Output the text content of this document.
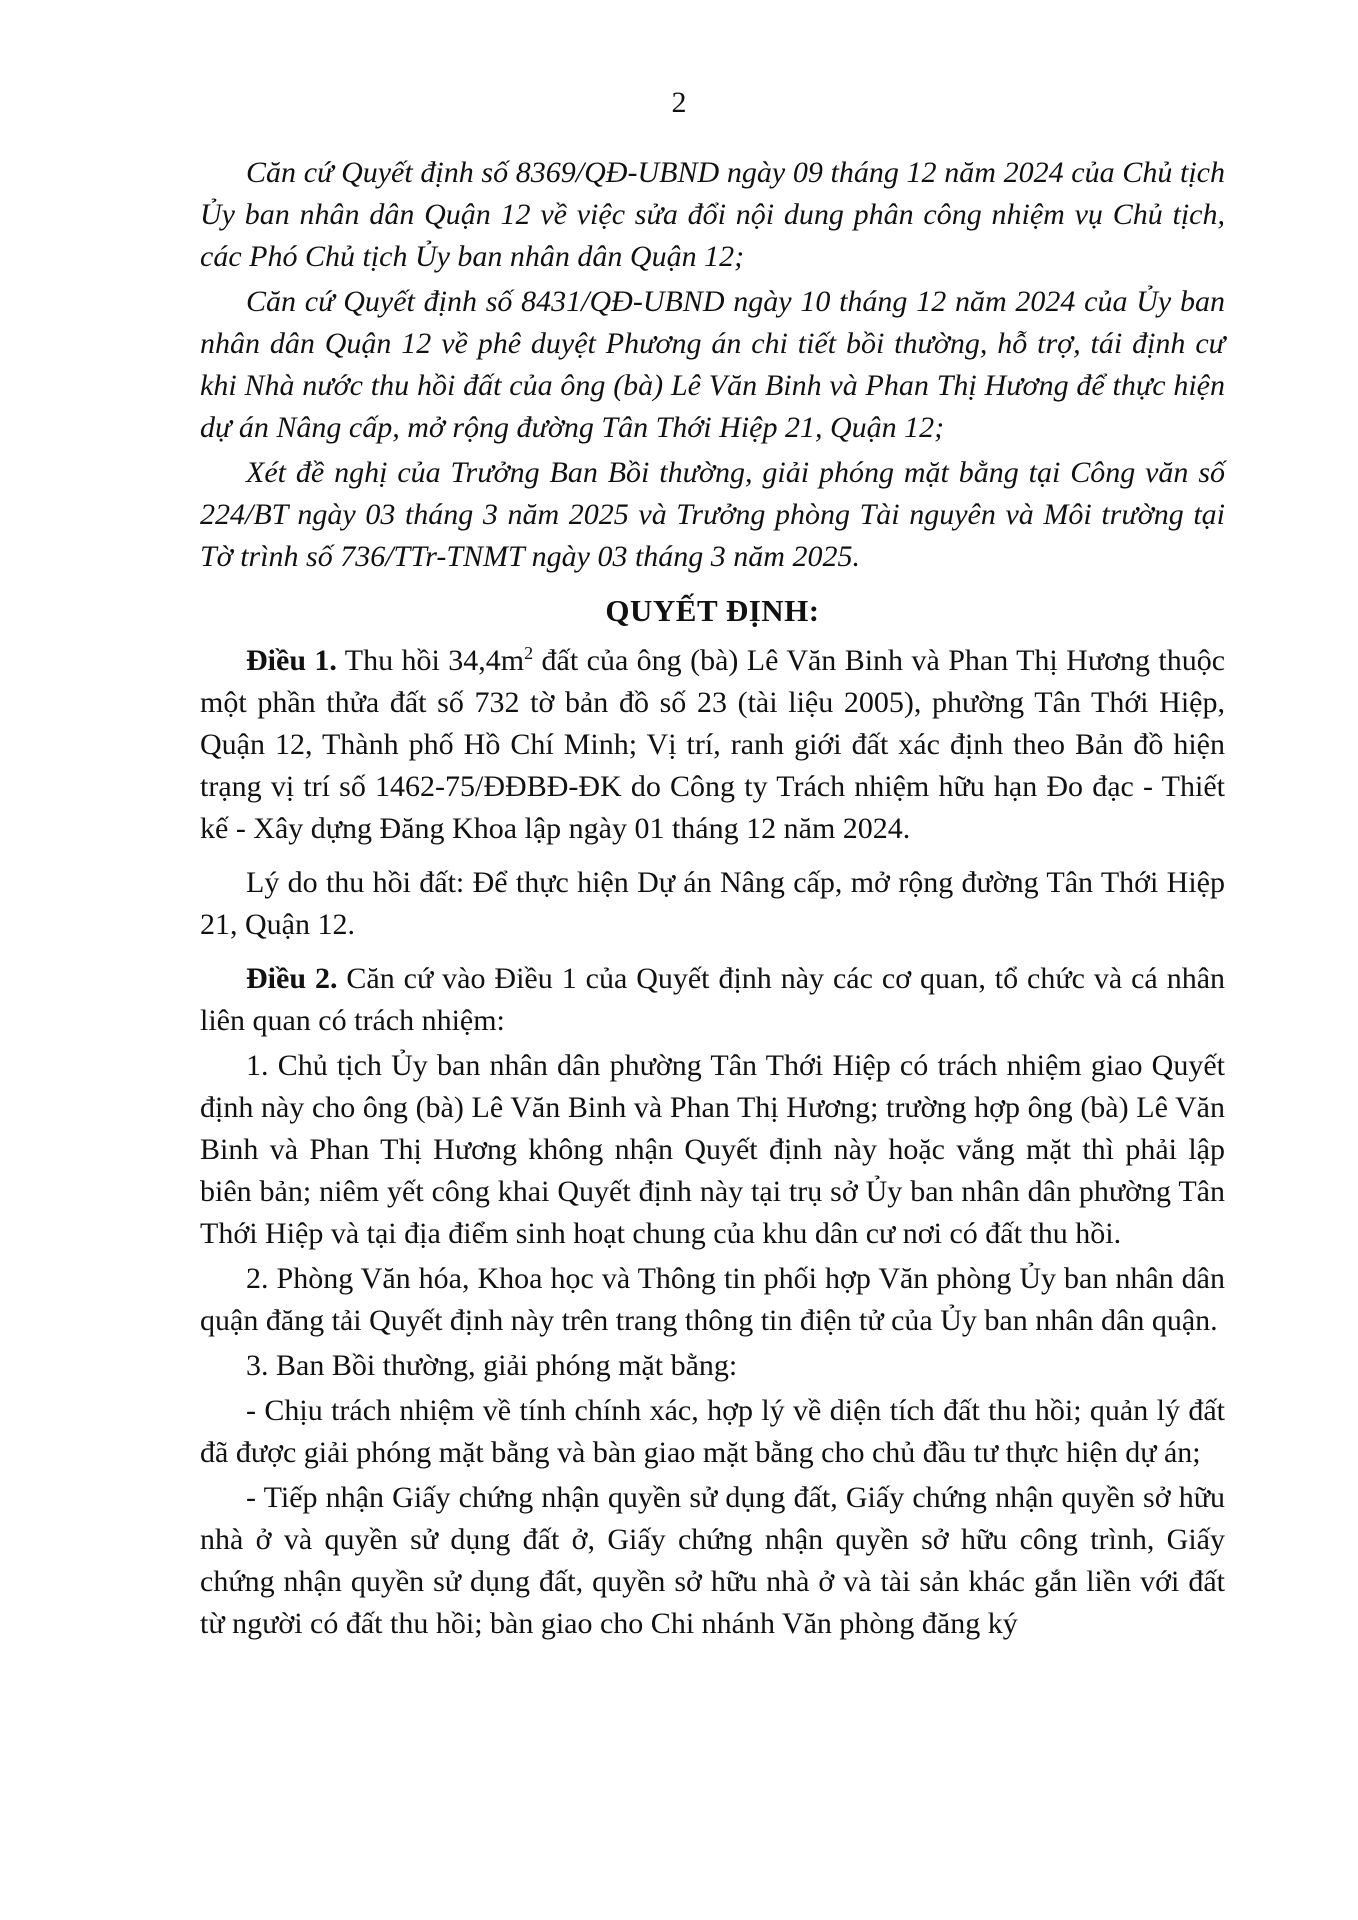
2

Căn cứ Quyết định số 8369/QĐ-UBND ngày 09 tháng 12 năm 2024 của Chủ tịch Ủy ban nhân dân Quận 12 về việc sửa đổi nội dung phân công nhiệm vụ Chủ tịch, các Phó Chủ tịch Ủy ban nhân dân Quận 12;

Căn cứ Quyết định số 8431/QĐ-UBND ngày 10 tháng 12 năm 2024 của Ủy ban nhân dân Quận 12 về phê duyệt Phương án chi tiết bồi thường, hỗ trợ, tái định cư khi Nhà nước thu hồi đất của ông (bà) Lê Văn Binh và Phan Thị Hương để thực hiện dự án Nâng cấp, mở rộng đường Tân Thới Hiệp 21, Quận 12;

Xét đề nghị của Trưởng Ban Bồi thường, giải phóng mặt bằng tại Công văn số 224/BT ngày 03 tháng 3 năm 2025 và Trưởng phòng Tài nguyên và Môi trường tại Tờ trình số 736/TTr-TNMT ngày 03 tháng 3 năm 2025.

QUYẾT ĐỊNH:

Điều 1. Thu hồi $34,4m^2$ đất của ông (bà) Lê Văn Binh và Phan Thị Hương thuộc một phần thửa đất số 732 tờ bản đồ số 23 (tài liệu 2005), phường Tân Thới Hiệp, Quận 12, Thành phố Hồ Chí Minh; Vị trí, ranh giới đất xác định theo Bản đồ hiện trạng vị trí số 1462-75/ĐĐBĐ-ĐK do Công ty Trách nhiệm hữu hạn Đo đạc - Thiết kế - Xây dựng Đăng Khoa lập ngày 01 tháng 12 năm 2024.

Lý do thu hồi đất: Để thực hiện Dự án Nâng cấp, mở rộng đường Tân Thới Hiệp 21, Quận 12.

Điều 2. Căn cứ vào Điều 1 của Quyết định này các cơ quan, tổ chức và cá nhân liên quan có trách nhiệm:

1. Chủ tịch Ủy ban nhân dân phường Tân Thới Hiệp có trách nhiệm giao Quyết định này cho ông (bà) Lê Văn Binh và Phan Thị Hương; trường hợp ông (bà) Lê Văn Binh và Phan Thị Hương không nhận Quyết định này hoặc vắng mặt thì phải lập biên bản; niêm yết công khai Quyết định này tại trụ sở Ủy ban nhân dân phường Tân Thới Hiệp và tại địa điểm sinh hoạt chung của khu dân cư nơi có đất thu hồi.

2. Phòng Văn hóa, Khoa học và Thông tin phối hợp Văn phòng Ủy ban nhân dân quận đăng tải Quyết định này trên trang thông tin điện tử của Ủy ban nhân dân quận.

3. Ban Bồi thường, giải phóng mặt bằng:

- Chịu trách nhiệm về tính chính xác, hợp lý về diện tích đất thu hồi; quản lý đất đã được giải phóng mặt bằng và bàn giao mặt bằng cho chủ đầu tư thực hiện dự án;

- Tiếp nhận Giấy chứng nhận quyền sử dụng đất, Giấy chứng nhận quyền sở hữu nhà ở và quyền sử dụng đất ở, Giấy chứng nhận quyền sở hữu công trình, Giấy chứng nhận quyền sử dụng đất, quyền sở hữu nhà ở và tài sản khác gắn liền với đất từ người có đất thu hồi; bàn giao cho Chi nhánh Văn phòng đăng ký
